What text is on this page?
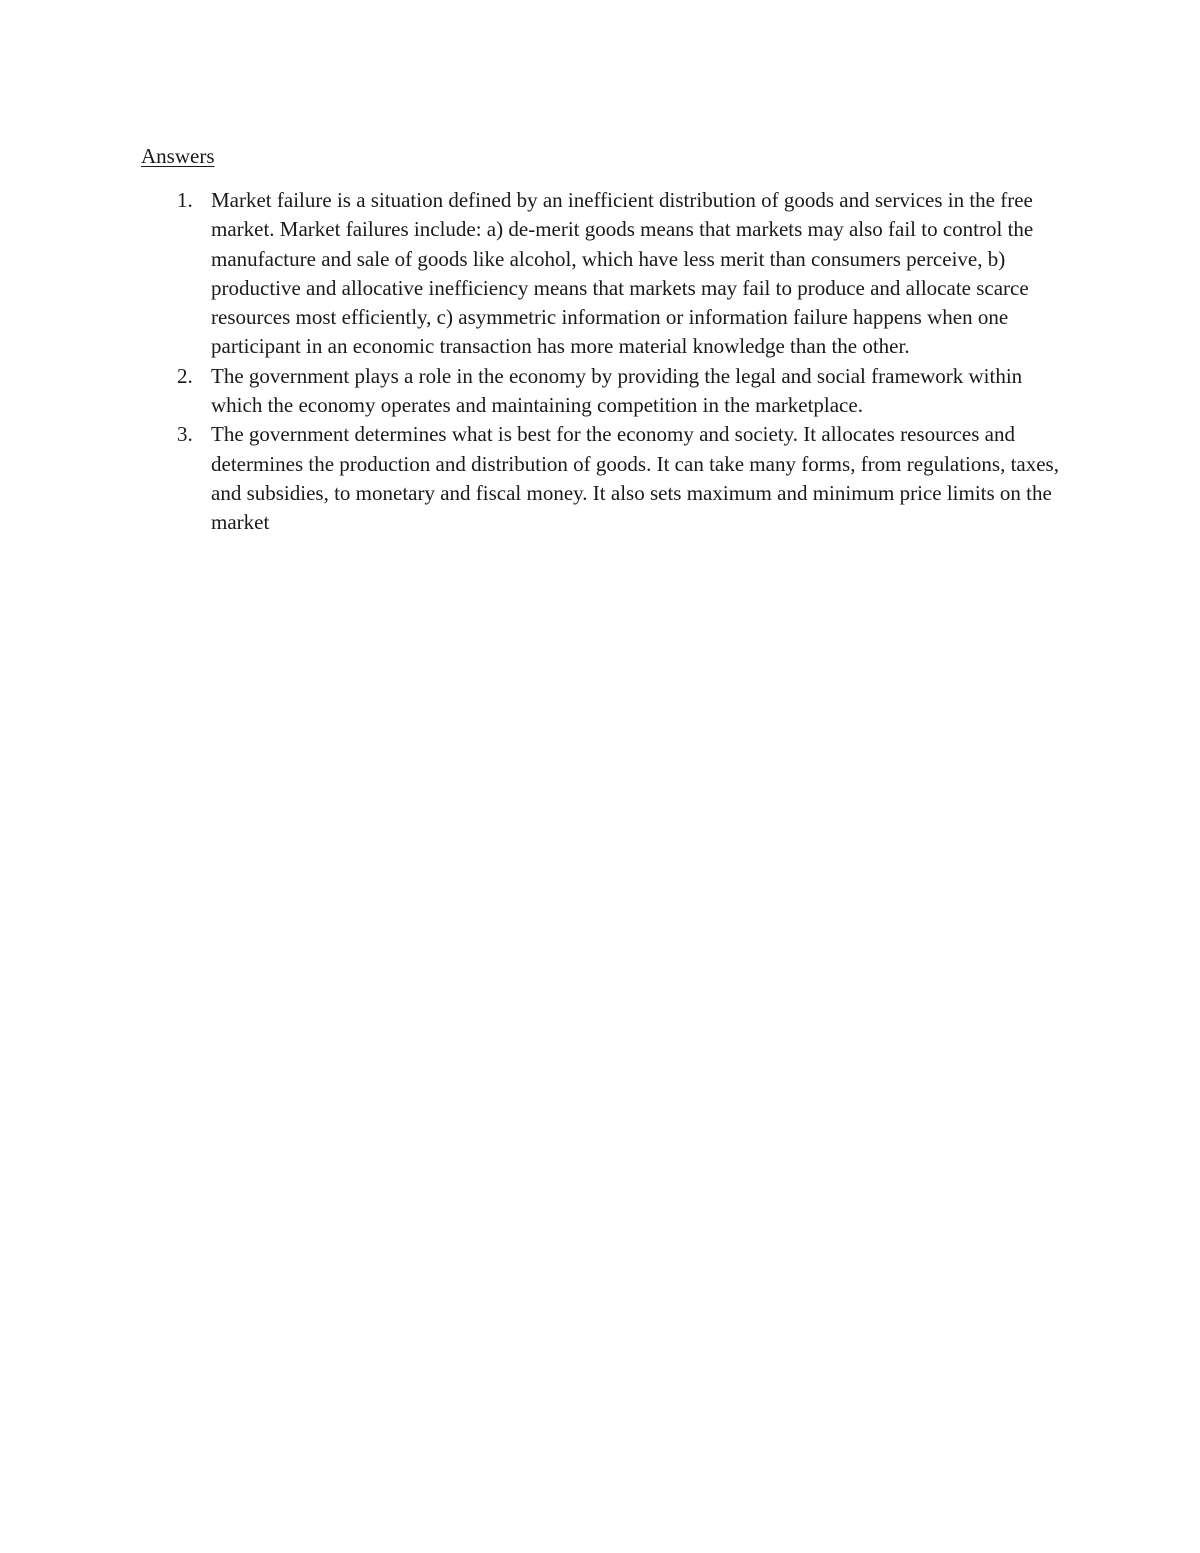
Answers
1. Market failure is a situation defined by an inefficient distribution of goods and services in the free market. Market failures include: a) de-merit goods means that markets may also fail to control the manufacture and sale of goods like alcohol, which have less merit than consumers perceive, b) productive and allocative inefficiency means that markets may fail to produce and allocate scarce resources most efficiently, c) asymmetric information or information failure happens when one participant in an economic transaction has more material knowledge than the other.

2. The government plays a role in the economy by providing the legal and social framework within which the economy operates and maintaining competition in the marketplace.

3. The government determines what is best for the economy and society. It allocates resources and determines the production and distribution of goods. It can take many forms, from regulations, taxes, and subsidies, to monetary and fiscal money. It also sets maximum and minimum price limits on the market
